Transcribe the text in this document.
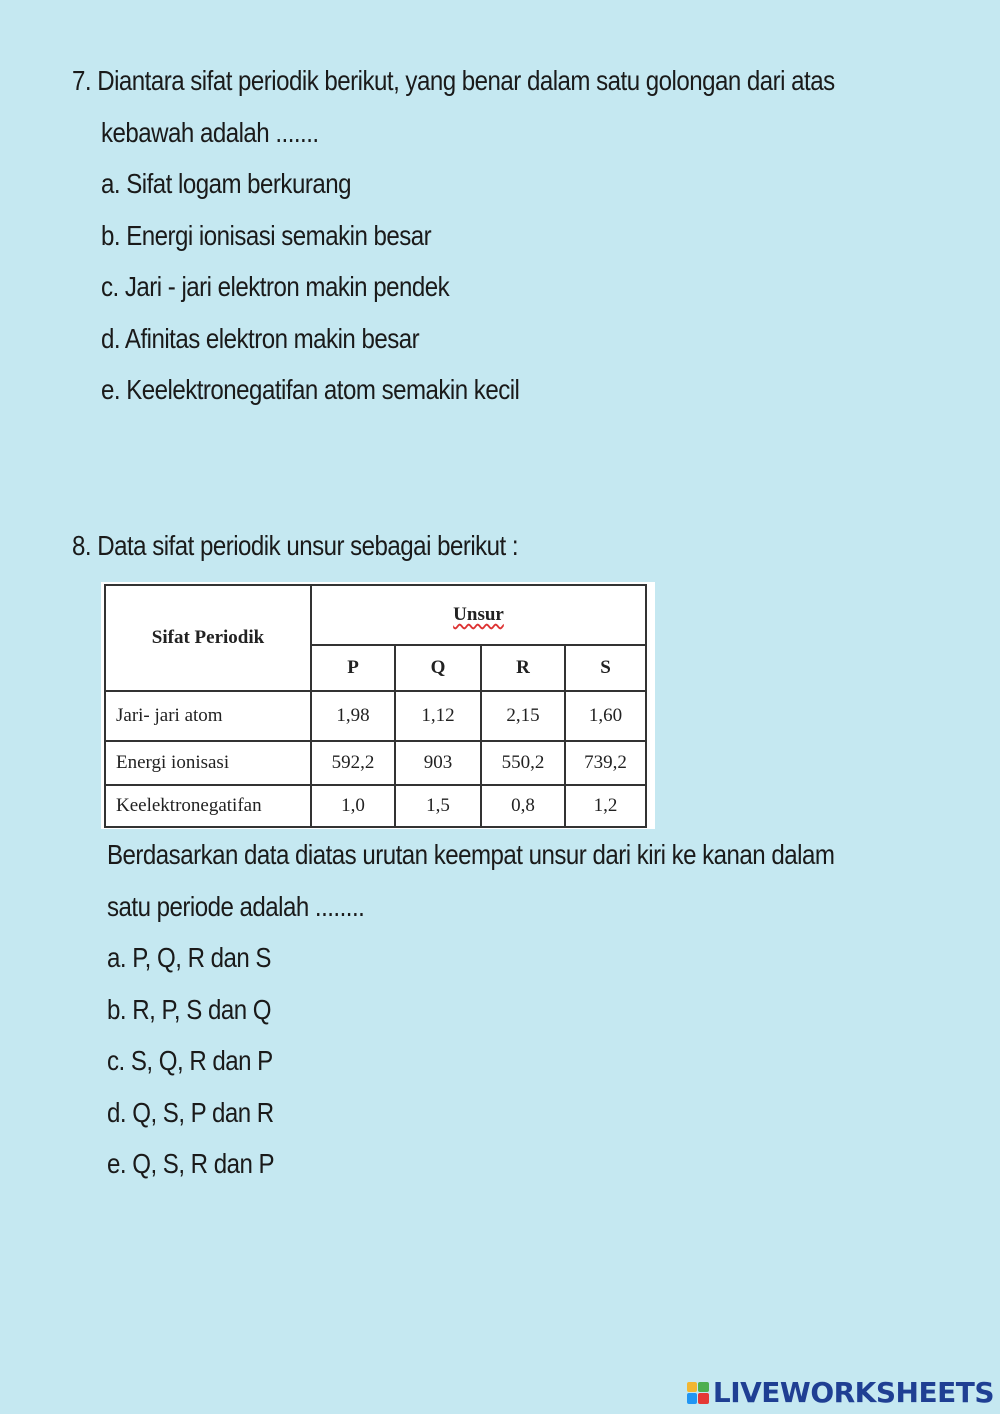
7. Diantara sifat periodik berikut, yang benar dalam satu golongan dari atas
kebawah adalah .......
a. Sifat logam berkurang
b. Energi ionisasi semakin besar
c. Jari - jari elektron makin pendek
d. Afinitas elektron makin besar
e. Keelektronegatifan atom semakin kecil
8. Data sifat periodik unsur sebagai berikut :
Sifat Periodik	Unsur			
	P	Q	R	S
Jari- jari atom	1,98	1,12	2,15	1,60
Energi ionisasi	592,2	903	550,2	739,2
Keelektronegatifan	1,0	1,5	0,8	1,2
Berdasarkan data diatas urutan keempat unsur dari kiri ke kanan dalam
satu periode adalah ........
a. P, Q, R dan S
b. R, P, S dan Q
c. S, Q, R dan P
d. Q, S, P dan R
e. Q, S, R dan P
LIVEWORKSHEETS
